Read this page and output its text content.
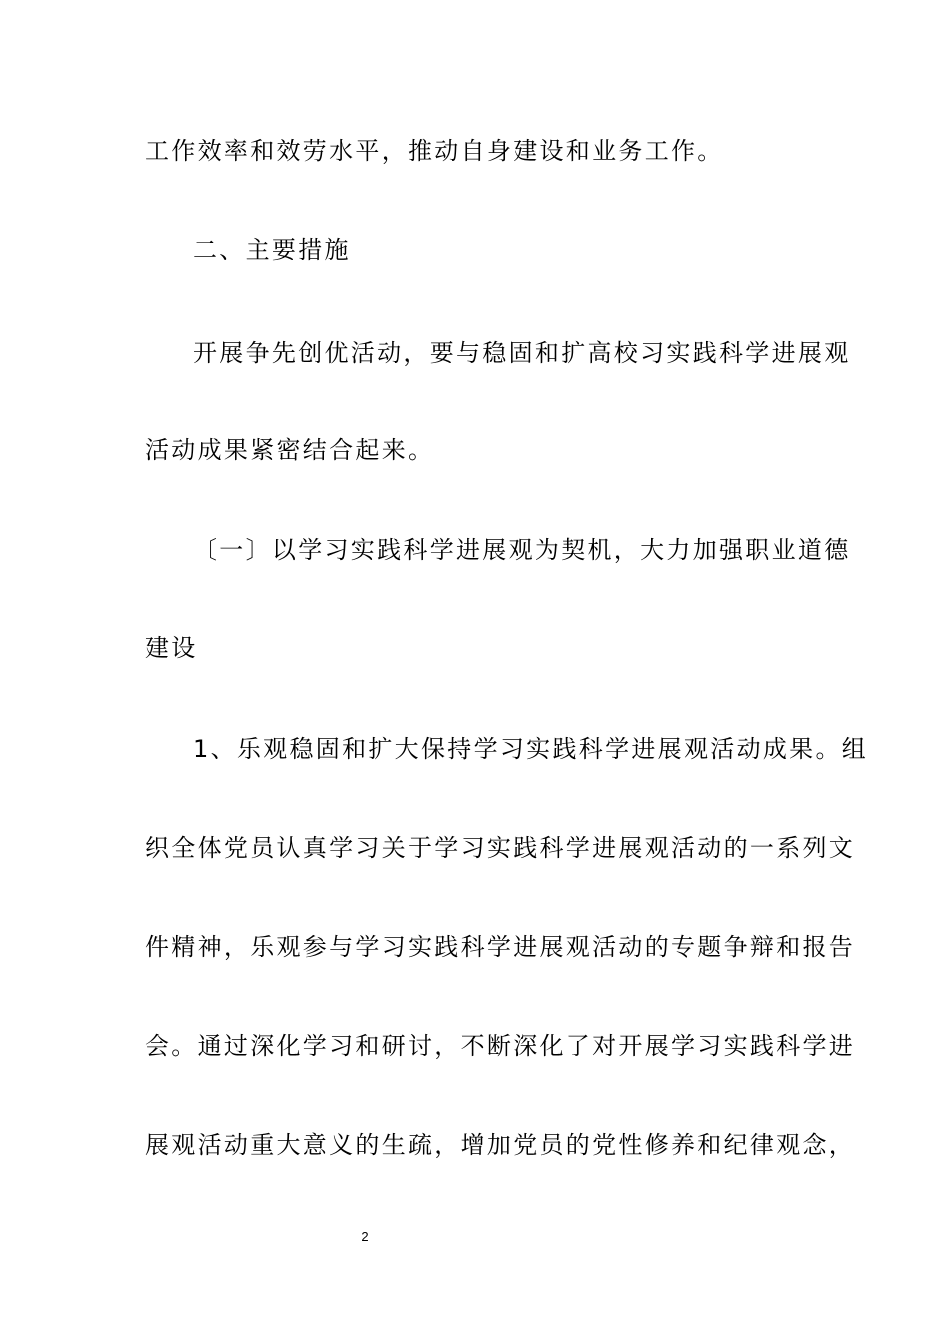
工作效率和效劳水平，推动自身建设和业务工作。
二、主要措施
开展争先创优活动，要与稳固和扩高校习实践科学进展观
活动成果紧密结合起来。
〔一〕以学习实践科学进展观为契机，大力加强职业道德
建设
1、乐观稳固和扩大保持学习实践科学进展观活动成果。组
织全体党员认真学习关于学习实践科学进展观活动的一系列文
件精神，乐观参与学习实践科学进展观活动的专题争辩和报告
会。通过深化学习和研讨，不断深化了对开展学习实践科学进
展观活动重大意义的生疏，增加党员的党性修养和纪律观念，
2
